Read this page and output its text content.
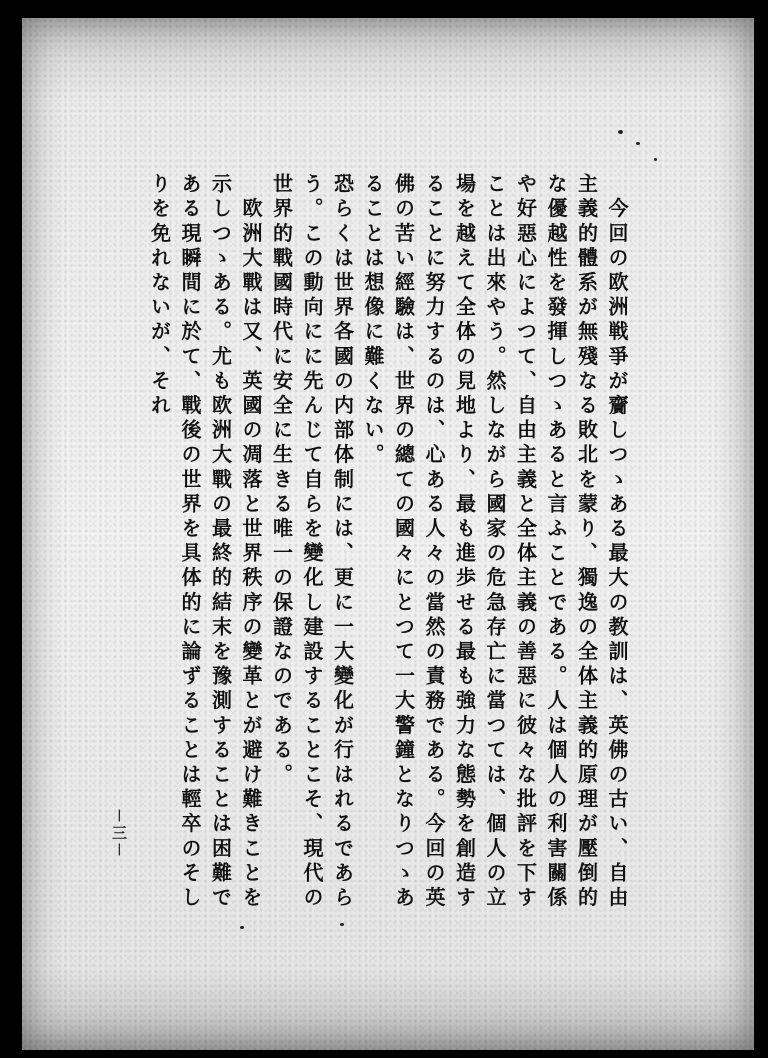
　今回の欧洲戦爭が齎しつゝある最大の教訓は、英佛の古い、自由主義的體系が無殘なる敗北を蒙り、獨逸の全体主義的原理が壓倒的な優越性を發揮しつゝあると言ふことである。人は個人の利害關係や好惡心によつて、自由主義と全体主義の善惡に彼々な批評を下すことは出來やう。然しながら國家の危急存亡に當つては、個人の立場を越えて全体の見地より、最も進歩せる最も強力な態勢を創造することに努力するのは、心ある人々の當然の責務である。今回の英佛の苦い經驗は、世界の總ての國々にとつて一大警鐘となりつゝあることは想像に難くない。

恐らくは世界各國の内部体制には、更に一大變化が行はれるであらう。この動向にに先んじて自らを變化し建設することこそ、現代の世界的戰國時代に安全に生きる唯一の保證なのである。

　欧洲大戰は又、英國の凋落と世界秩序の變革とが避け難きことを示しつゝある。尤も欧洲大戰の最終的結末を豫測することは困難である現瞬間に於て、戰後の世界を具体的に論ずることは輕卒のそしりを免れないが、それ

－三－
